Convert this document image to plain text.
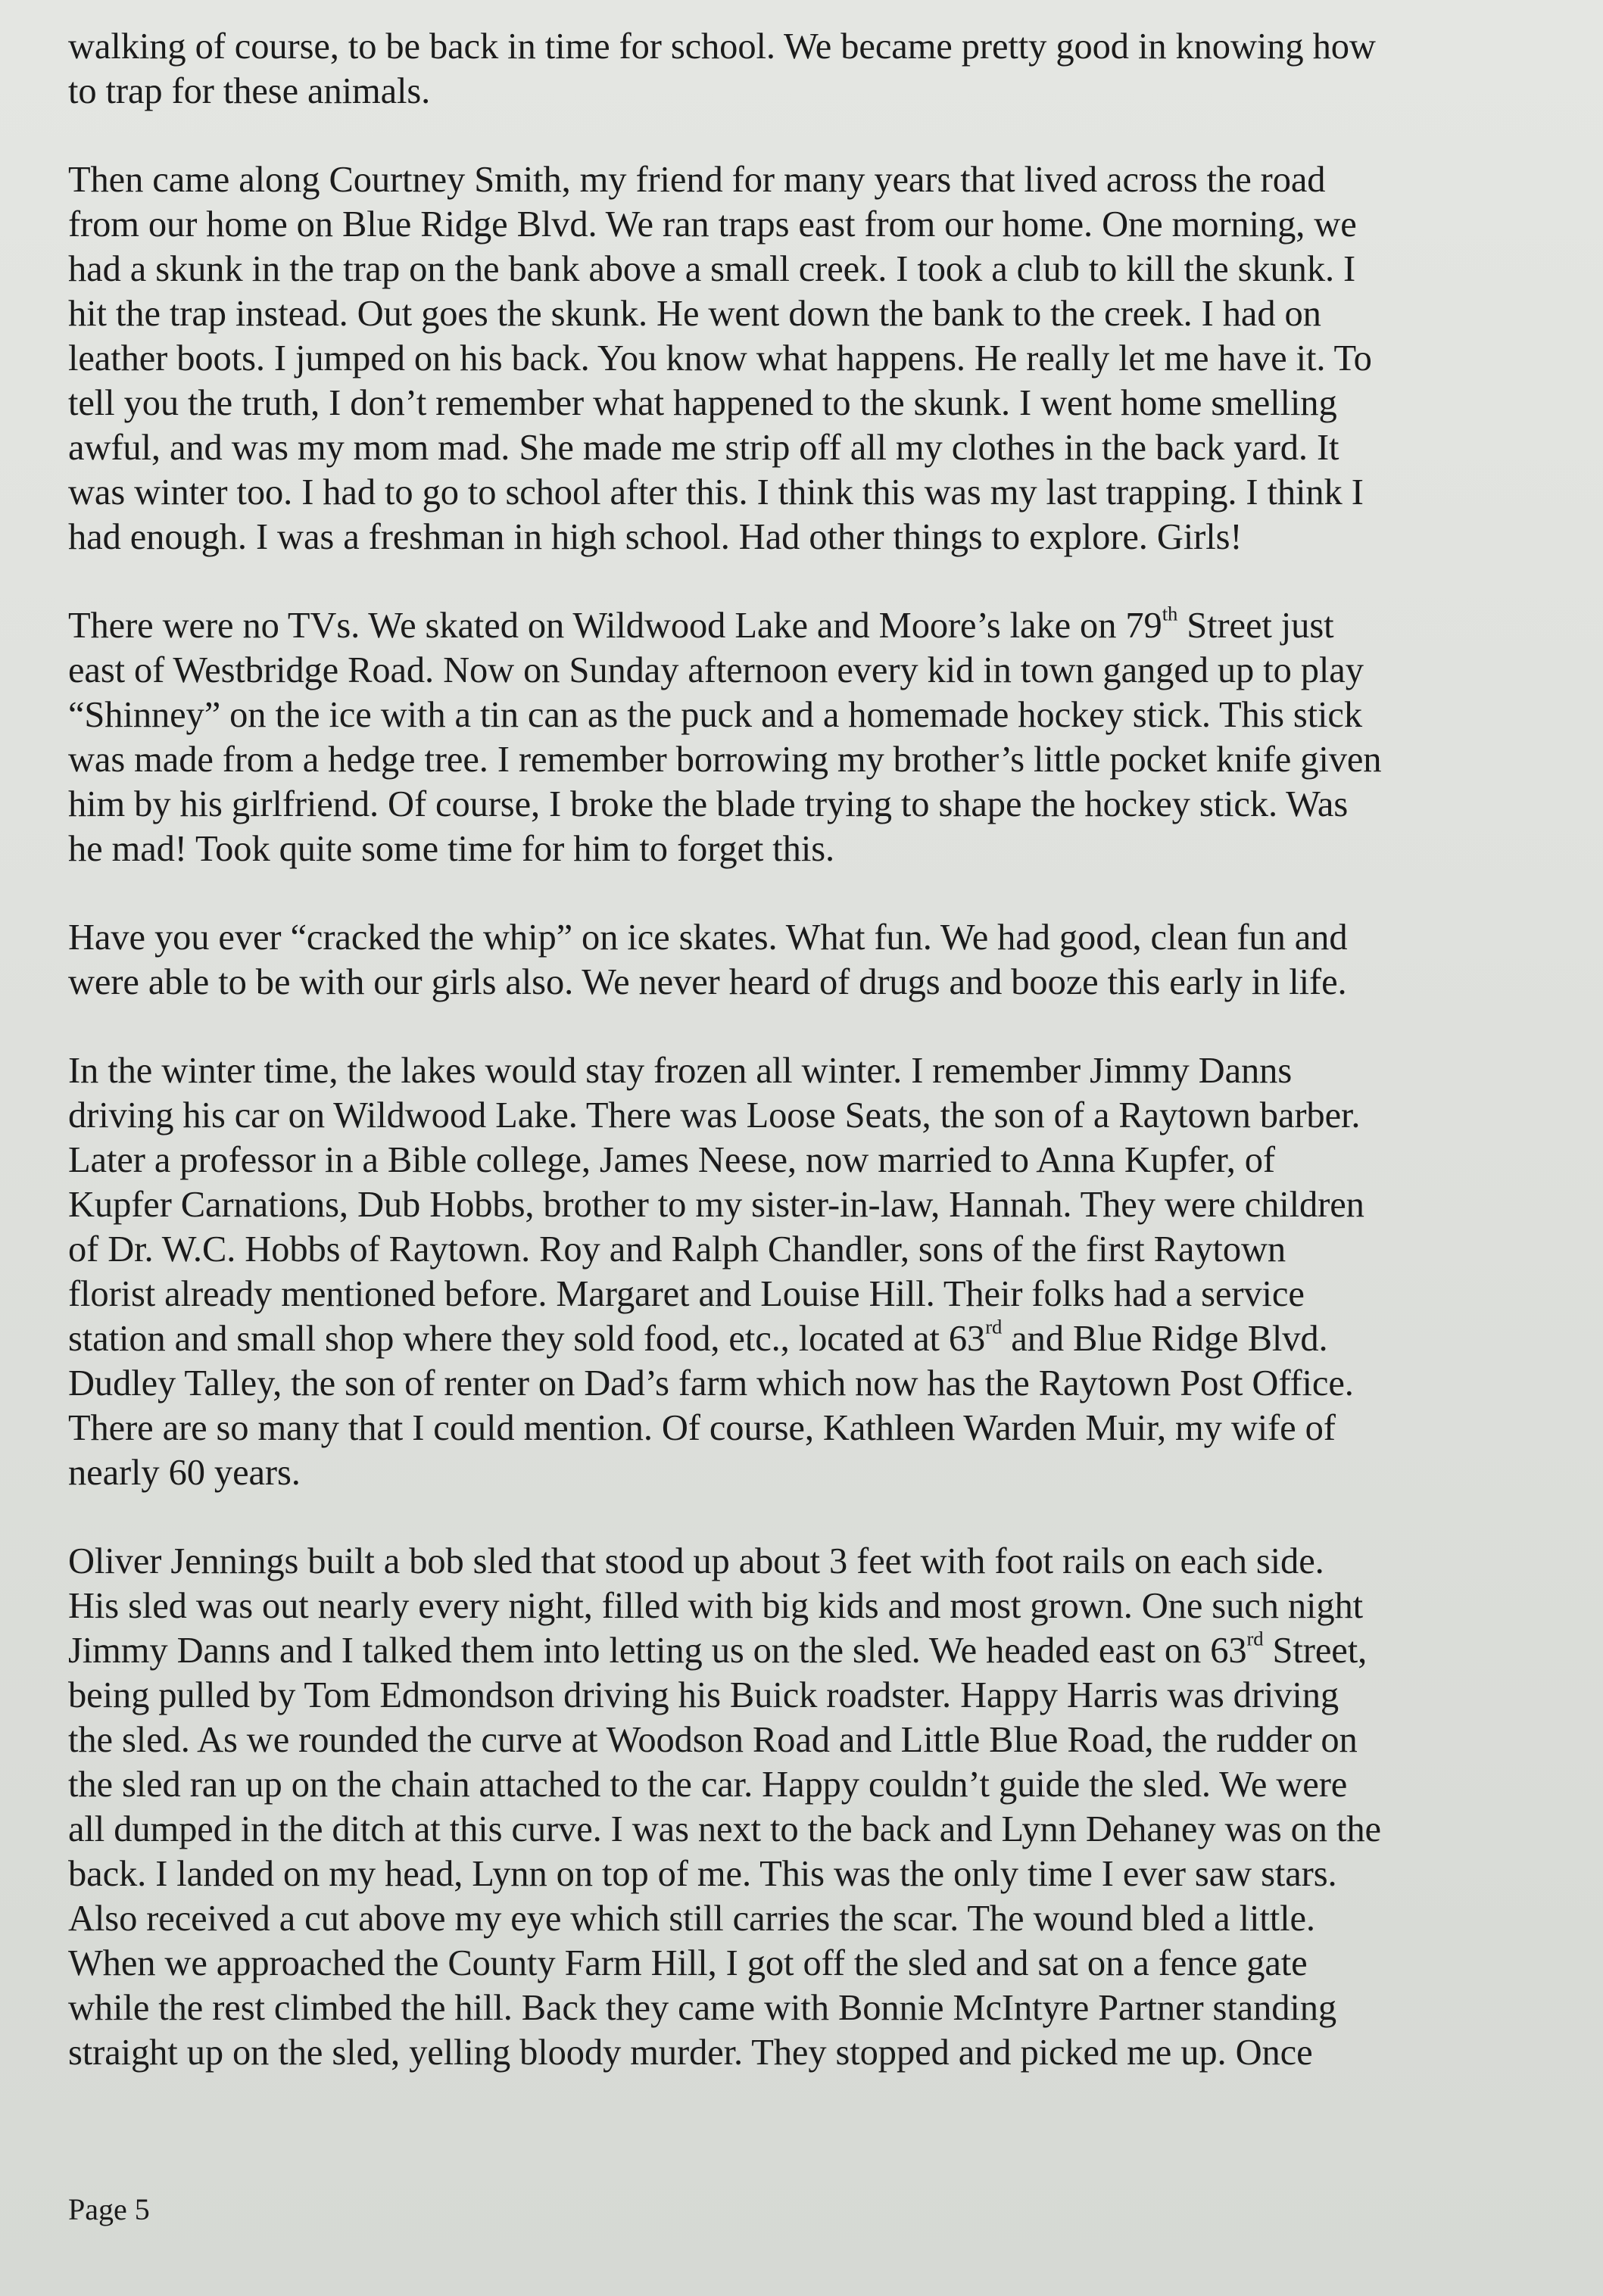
walking of course, to be back in time for school. We became pretty good in knowing how
to trap for these animals.

Then came along Courtney Smith, my friend for many years that lived across the road
from our home on Blue Ridge Blvd. We ran traps east from our home. One morning, we
had a skunk in the trap on the bank above a small creek. I took a club to kill the skunk. I
hit the trap instead. Out goes the skunk. He went down the bank to the creek. I had on
leather boots. I jumped on his back. You know what happens. He really let me have it. To
tell you the truth, I don’t remember what happened to the skunk. I went home smelling
awful, and was my mom mad. She made me strip off all my clothes in the back yard. It
was winter too. I had to go to school after this. I think this was my last trapping. I think I
had enough. I was a freshman in high school. Had other things to explore. Girls!

There were no TVs. We skated on Wildwood Lake and Moore’s lake on 79th Street just
east of Westbridge Road. Now on Sunday afternoon every kid in town ganged up to play
“Shinney” on the ice with a tin can as the puck and a homemade hockey stick. This stick
was made from a hedge tree. I remember borrowing my brother’s little pocket knife given
him by his girlfriend. Of course, I broke the blade trying to shape the hockey stick. Was
he mad! Took quite some time for him to forget this.

Have you ever “cracked the whip” on ice skates. What fun. We had good, clean fun and
were able to be with our girls also. We never heard of drugs and booze this early in life.

In the winter time, the lakes would stay frozen all winter. I remember Jimmy Danns
driving his car on Wildwood Lake. There was Loose Seats, the son of a Raytown barber.
Later a professor in a Bible college, James Neese, now married to Anna Kupfer, of
Kupfer Carnations, Dub Hobbs, brother to my sister-in-law, Hannah. They were children
of Dr. W.C. Hobbs of Raytown. Roy and Ralph Chandler, sons of the first Raytown
florist already mentioned before. Margaret and Louise Hill. Their folks had a service
station and small shop where they sold food, etc., located at 63rd and Blue Ridge Blvd.
Dudley Talley, the son of renter on Dad’s farm which now has the Raytown Post Office.
There are so many that I could mention. Of course, Kathleen Warden Muir, my wife of
nearly 60 years.

Oliver Jennings built a bob sled that stood up about 3 feet with foot rails on each side.
His sled was out nearly every night, filled with big kids and most grown. One such night
Jimmy Danns and I talked them into letting us on the sled. We headed east on 63rd Street,
being pulled by Tom Edmondson driving his Buick roadster. Happy Harris was driving
the sled. As we rounded the curve at Woodson Road and Little Blue Road, the rudder on
the sled ran up on the chain attached to the car. Happy couldn’t guide the sled. We were
all dumped in the ditch at this curve. I was next to the back and Lynn Dehaney was on the
back. I landed on my head, Lynn on top of me. This was the only time I ever saw stars.
Also received a cut above my eye which still carries the scar. The wound bled a little.
When we approached the County Farm Hill, I got off the sled and sat on a fence gate
while the rest climbed the hill. Back they came with Bonnie McIntyre Partner standing
straight up on the sled, yelling bloody murder. They stopped and picked me up. Once

Page 5
